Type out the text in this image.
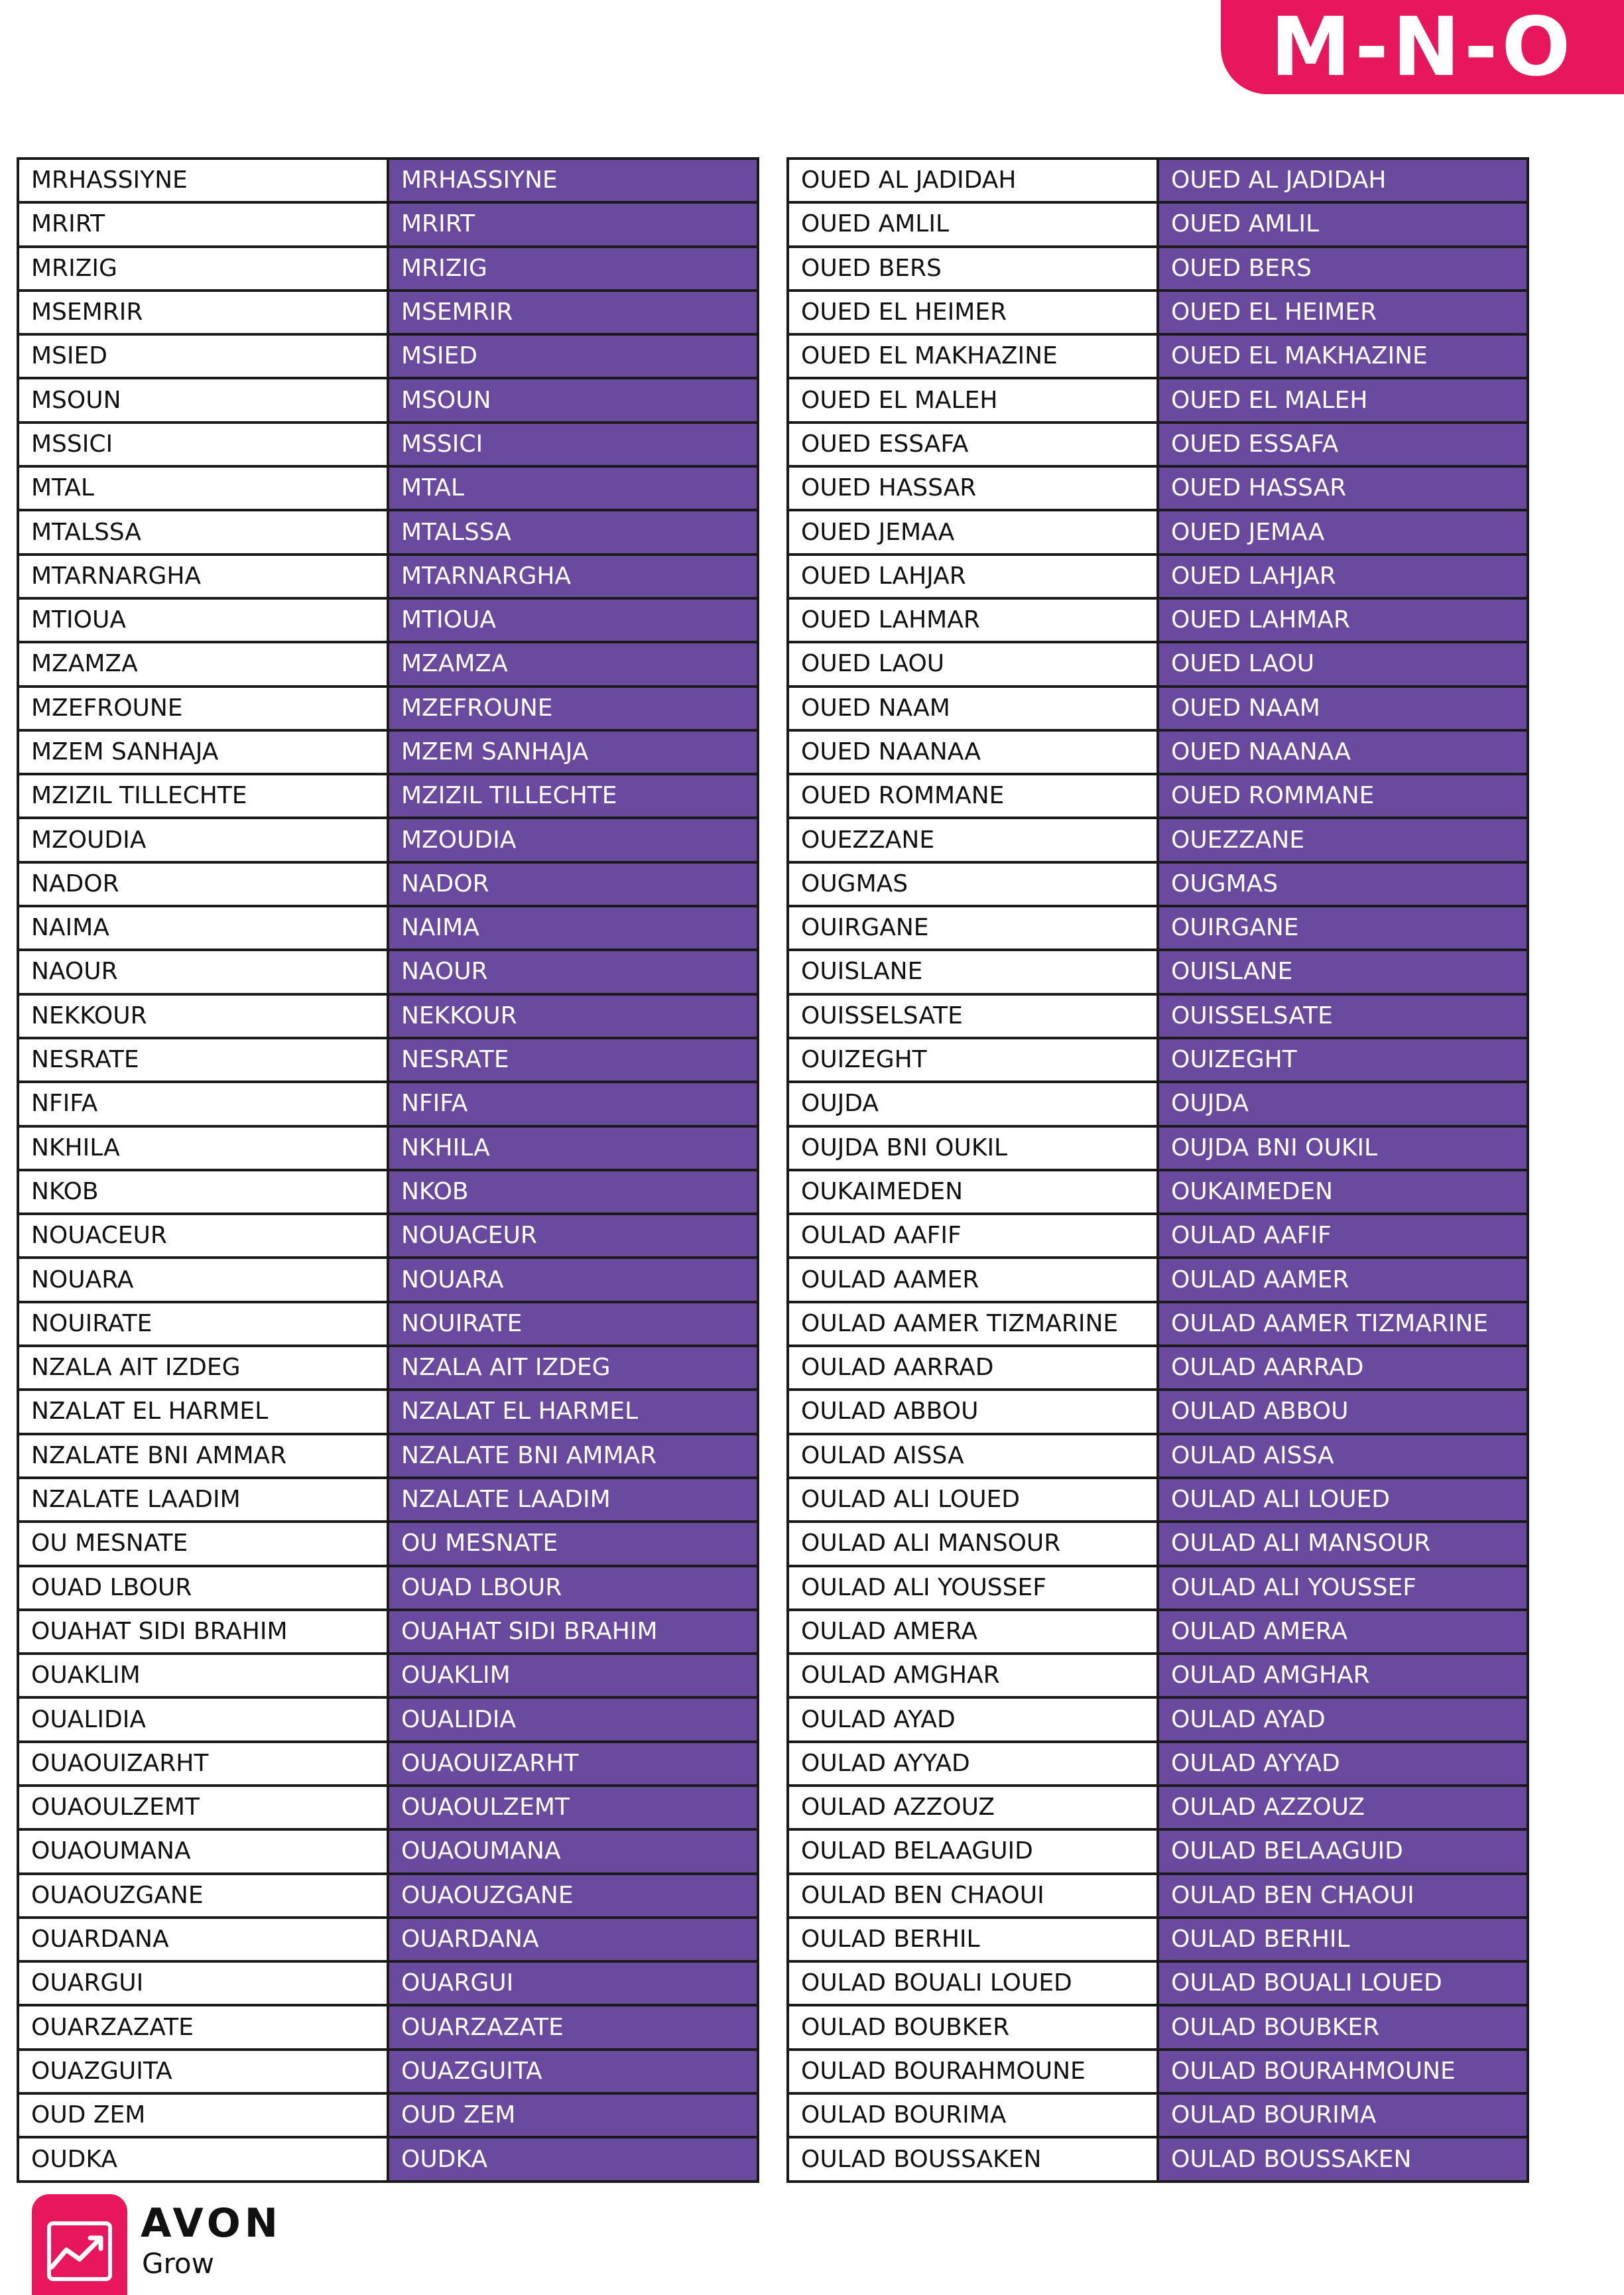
M-N-O
MRHASSIYNE	MRHASSIYNE
MRIRT	MRIRT
MRIZIG	MRIZIG
MSEMRIR	MSEMRIR
MSIED	MSIED
MSOUN	MSOUN
MSSICI	MSSICI
MTAL	MTAL
MTALSSA	MTALSSA
MTARNARGHA	MTARNARGHA
MTIOUA	MTIOUA
MZAMZA	MZAMZA
MZEFROUNE	MZEFROUNE
MZEM SANHAJA	MZEM SANHAJA
MZIZIL TILLECHTE	MZIZIL TILLECHTE
MZOUDIA	MZOUDIA
NADOR	NADOR
NAIMA	NAIMA
NAOUR	NAOUR
NEKKOUR	NEKKOUR
NESRATE	NESRATE
NFIFA	NFIFA
NKHILA	NKHILA
NKOB	NKOB
NOUACEUR	NOUACEUR
NOUARA	NOUARA
NOUIRATE	NOUIRATE
NZALA AIT IZDEG	NZALA AIT IZDEG
NZALAT EL HARMEL	NZALAT EL HARMEL
NZALATE BNI AMMAR	NZALATE BNI AMMAR
NZALATE LAADIM	NZALATE LAADIM
OU MESNATE	OU MESNATE
OUAD LBOUR	OUAD LBOUR
OUAHAT SIDI BRAHIM	OUAHAT SIDI BRAHIM
OUAKLIM	OUAKLIM
OUALIDIA	OUALIDIA
OUAOUIZARHT	OUAOUIZARHT
OUAOULZEMT	OUAOULZEMT
OUAOUMANA	OUAOUMANA
OUAOUZGANE	OUAOUZGANE
OUARDANA	OUARDANA
OUARGUI	OUARGUI
OUARZAZATE	OUARZAZATE
OUAZGUITA	OUAZGUITA
OUD ZEM	OUD ZEM
OUDKA	OUDKA
OUED AL JADIDAH	OUED AL JADIDAH
OUED AMLIL	OUED AMLIL
OUED BERS	OUED BERS
OUED EL HEIMER	OUED EL HEIMER
OUED EL MAKHAZINE	OUED EL MAKHAZINE
OUED EL MALEH	OUED EL MALEH
OUED ESSAFA	OUED ESSAFA
OUED HASSAR	OUED HASSAR
OUED JEMAA	OUED JEMAA
OUED LAHJAR	OUED LAHJAR
OUED LAHMAR	OUED LAHMAR
OUED LAOU	OUED LAOU
OUED NAAM	OUED NAAM
OUED NAANAA	OUED NAANAA
OUED ROMMANE	OUED ROMMANE
OUEZZANE	OUEZZANE
OUGMAS	OUGMAS
OUIRGANE	OUIRGANE
OUISLANE	OUISLANE
OUISSELSATE	OUISSELSATE
OUIZEGHT	OUIZEGHT
OUJDA	OUJDA
OUJDA BNI OUKIL	OUJDA BNI OUKIL
OUKAIMEDEN	OUKAIMEDEN
OULAD AAFIF	OULAD AAFIF
OULAD AAMER	OULAD AAMER
OULAD AAMER TIZMARINE	OULAD AAMER TIZMARINE
OULAD AARRAD	OULAD AARRAD
OULAD ABBOU	OULAD ABBOU
OULAD AISSA	OULAD AISSA
OULAD ALI LOUED	OULAD ALI LOUED
OULAD ALI MANSOUR	OULAD ALI MANSOUR
OULAD ALI YOUSSEF	OULAD ALI YOUSSEF
OULAD AMERA	OULAD AMERA
OULAD AMGHAR	OULAD AMGHAR
OULAD AYAD	OULAD AYAD
OULAD AYYAD	OULAD AYYAD
OULAD AZZOUZ	OULAD AZZOUZ
OULAD BELAAGUID	OULAD BELAAGUID
OULAD BEN CHAOUI	OULAD BEN CHAOUI
OULAD BERHIL	OULAD BERHIL
OULAD BOUALI LOUED	OULAD BOUALI LOUED
OULAD BOUBKER	OULAD BOUBKER
OULAD BOURAHMOUNE	OULAD BOURAHMOUNE
OULAD BOURIMA	OULAD BOURIMA
OULAD BOUSSAKEN	OULAD BOUSSAKEN
AVON
Grow
